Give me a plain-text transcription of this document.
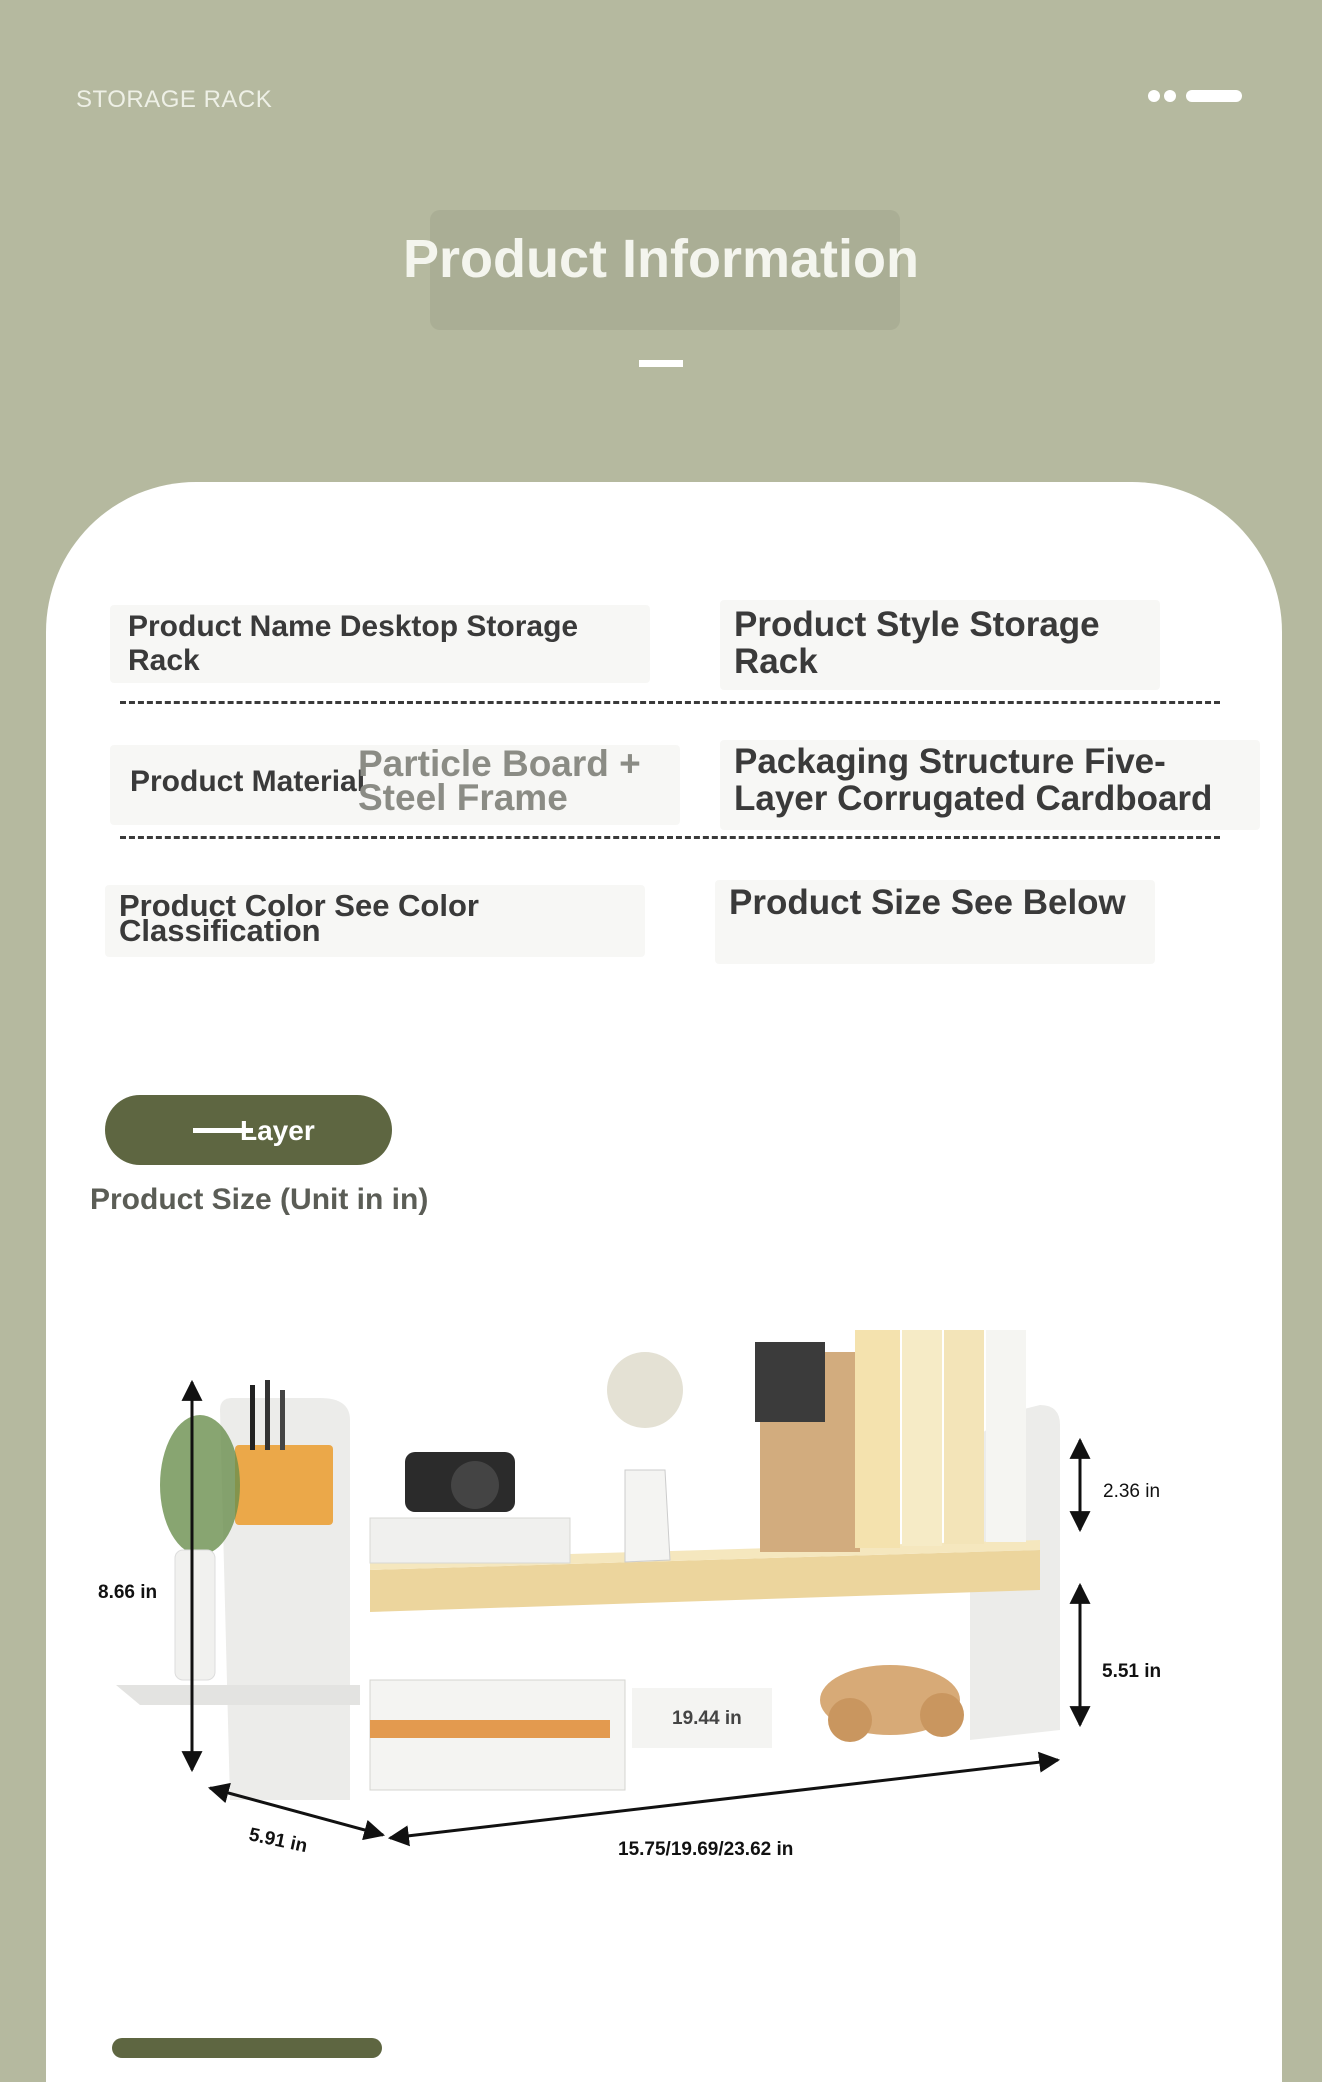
STORAGE RACK
Product Information
Product Name Desktop Storage Rack
Product Style Storage Rack
Product Material
Particle Board + Steel Frame
Packaging Structure Five-Layer Corrugated Cardboard
Product Color See Color Classification
Product Size See Below
Layer
Product Size (Unit in in)
8.66 in
2.36 in
5.51 in
19.44 in
5.91 in	15.75/19.69/23.62 in
